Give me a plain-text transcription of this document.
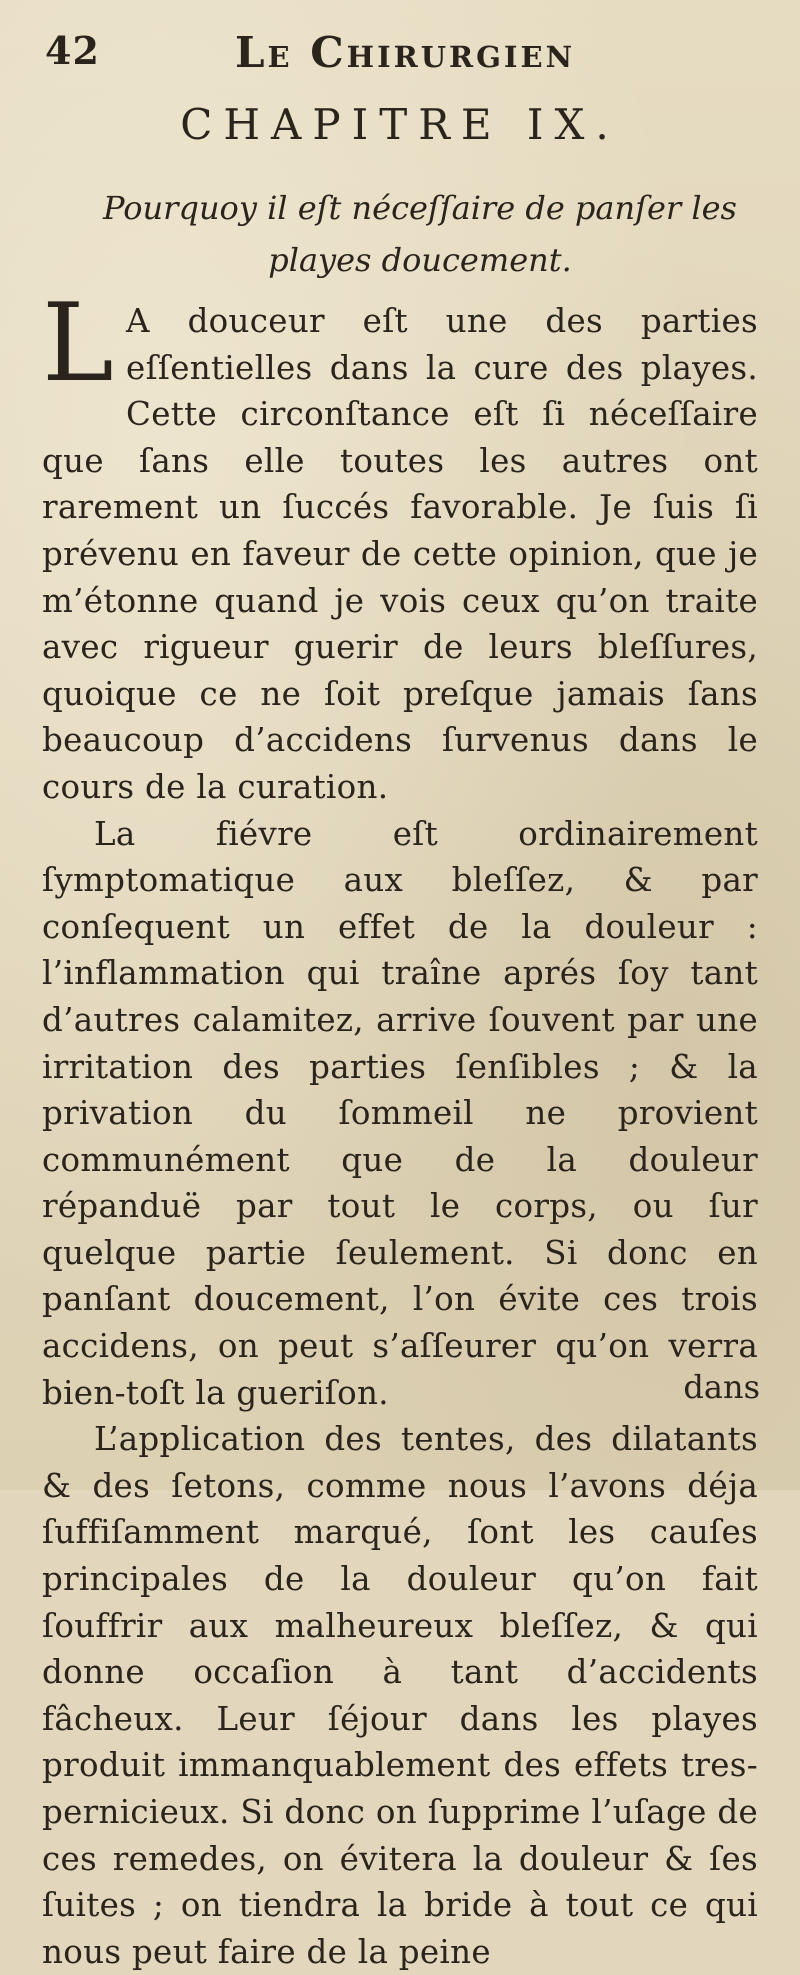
42	Le Chirurgien
CHAPITRE IX.
Pourquoy il eſt néceſſaire de panſer les playes doucement.

L A douceur eſt une des parties eſſentielles dans la cure des playes. Cette circonſtance eſt ſi néceſſaire que ſans elle toutes les autres ont rarement un ſuccés favorable. Je ſuis ſi prévenu en faveur de cette opinion, que je m’étonne quand je vois ceux qu’on traite avec rigueur guerir de leurs bleſſures, quoique ce ne ſoit preſque jamais ſans beaucoup d’accidens ſurvenus dans le cours de la curation.

La fiévre eſt ordinairement ſymptomatique aux bleſſez, & par conſequent un effet de la douleur : l’inflammation qui traîne aprés ſoy tant d’autres calamitez, arrive ſouvent par une irritation des parties ſenſibles ; & la privation du ſommeil ne provient communément que de la douleur répanduë par tout le corps, ou ſur quelque partie ſeulement. Si donc en panſant doucement, l’on évite ces trois accidens, on peut s’aſſeurer qu’on verra bien-toſt la gueriſon.

L’application des tentes, des dilatants & des ſetons, comme nous l’avons déja ſuffiſamment marqué, ſont les cauſes principales de la douleur qu’on fait ſouffrir aux malheureux bleſſez, & qui donne occaſion à tant d’accidents fâcheux. Leur ſéjour dans les playes produit immanquablement des effets tres-pernicieux. Si donc on ſupprime l’uſage de ces remedes, on évitera la douleur & ſes ſuites ; on tiendra la bride à tout ce qui nous peut faire de la peine

dans
